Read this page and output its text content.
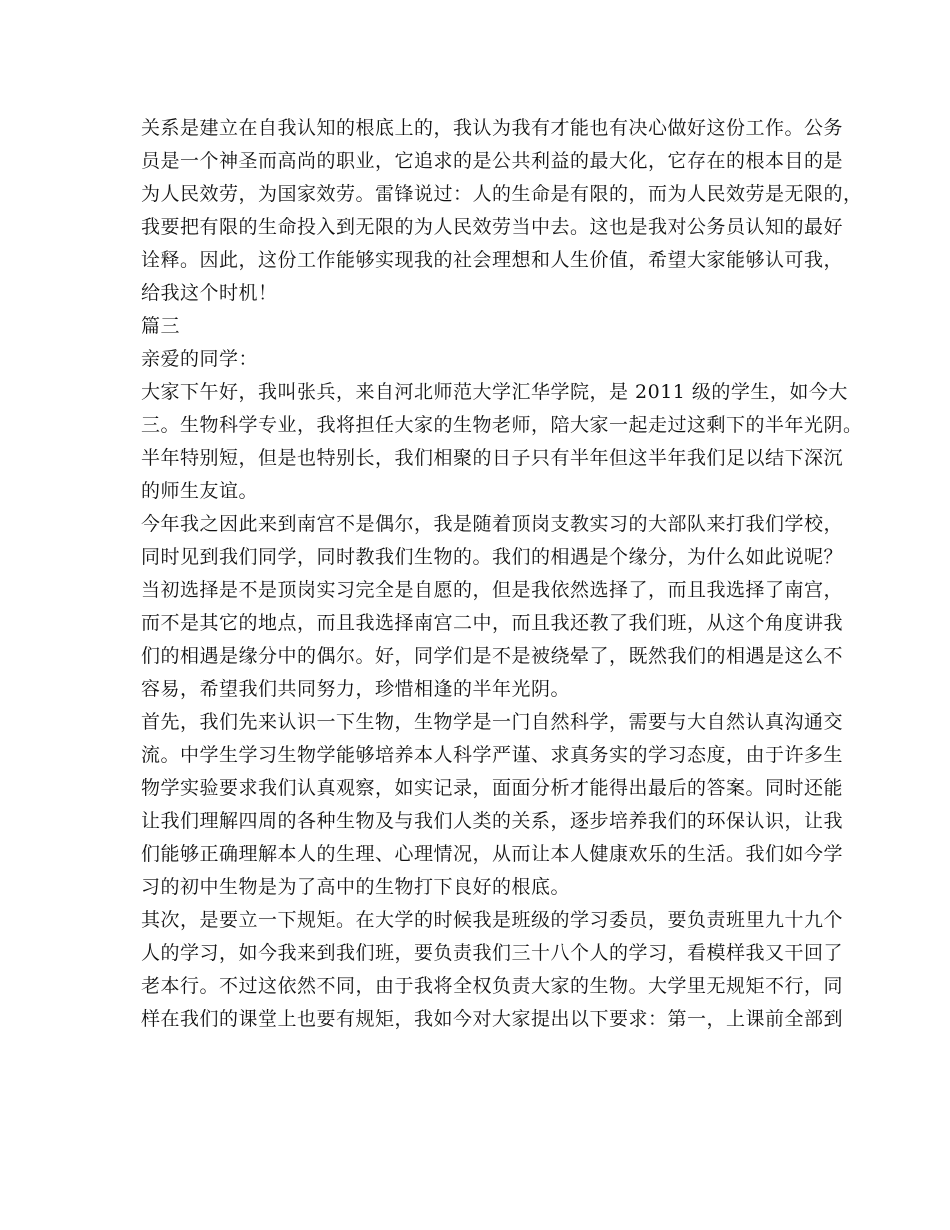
关系是建立在自我认知的根底上的，我认为我有才能也有决心做好这份工作。公务
员是一个神圣而高尚的职业，它追求的是公共利益的最大化，它存在的根本目的是
为人民效劳，为国家效劳。雷锋说过：人的生命是有限的，而为人民效劳是无限的，
我要把有限的生命投入到无限的为人民效劳当中去。这也是我对公务员认知的最好
诠释。因此，这份工作能够实现我的社会理想和人生价值，希望大家能够认可我，
给我这个时机！
篇三
亲爱的同学：
大家下午好，我叫张兵，来自河北师范大学汇华学院，是 2011 级的学生，如今大
三。生物科学专业，我将担任大家的生物老师，陪大家一起走过这剩下的半年光阴。
半年特别短，但是也特别长，我们相聚的日子只有半年但这半年我们足以结下深沉
的师生友谊。
今年我之因此来到南宫不是偶尔，我是随着顶岗支教实习的大部队来打我们学校，
同时见到我们同学，同时教我们生物的。我们的相遇是个缘分，为什么如此说呢？
当初选择是不是顶岗实习完全是自愿的，但是我依然选择了，而且我选择了南宫，
而不是其它的地点，而且我选择南宫二中，而且我还教了我们班，从这个角度讲我
们的相遇是缘分中的偶尔。好，同学们是不是被绕晕了，既然我们的相遇是这么不
容易，希望我们共同努力，珍惜相逢的半年光阴。
首先，我们先来认识一下生物，生物学是一门自然科学，需要与大自然认真沟通交
流。中学生学习生物学能够培养本人科学严谨、求真务实的学习态度，由于许多生
物学实验要求我们认真观察，如实记录，面面分析才能得出最后的答案。同时还能
让我们理解四周的各种生物及与我们人类的关系，逐步培养我们的环保认识，让我
们能够正确理解本人的生理、心理情况，从而让本人健康欢乐的生活。我们如今学
习的初中生物是为了高中的生物打下良好的根底。
其次，是要立一下规矩。在大学的时候我是班级的学习委员，要负责班里九十九个
人的学习，如今我来到我们班，要负责我们三十八个人的学习，看模样我又干回了
老本行。不过这依然不同，由于我将全权负责大家的生物。大学里无规矩不行，同
样在我们的课堂上也要有规矩，我如今对大家提出以下要求：第一，上课前全部到
